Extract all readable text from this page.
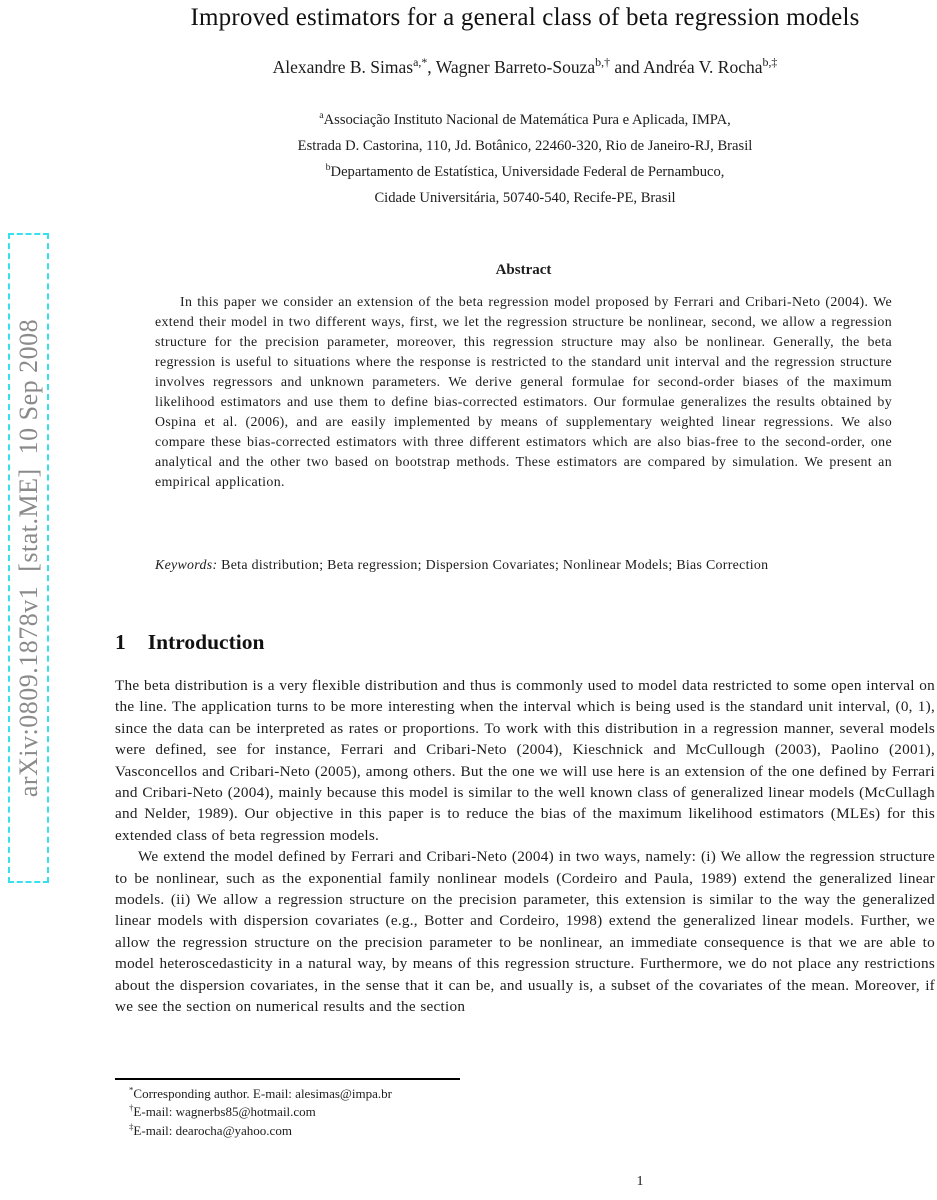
arXiv:0809.1878v1  [stat.ME]  10 Sep 2008
Improved estimators for a general class of beta regression models
Alexandre B. Simas$^{a,*}$, Wagner Barreto-Souza$^{b,\dagger}$ and Andréa V. Rocha$^{b,\ddagger}$
$^a$Associação Instituto Nacional de Matemática Pura e Aplicada, IMPA,
Estrada D. Castorina, 110, Jd. Botânico, 22460-320, Rio de Janeiro-RJ, Brasil
$^b$Departamento de Estatística, Universidade Federal de Pernambuco,
Cidade Universitária, 50740-540, Recife-PE, Brasil
Abstract

In this paper we consider an extension of the beta regression model proposed by Ferrari and Cribari-Neto (2004). We extend their model in two different ways, first, we let the regression structure be nonlinear, second, we allow a regression structure for the precision parameter, moreover, this regression structure may also be nonlinear. Generally, the beta regression is useful to situations where the response is restricted to the standard unit interval and the regression structure involves regressors and unknown parameters. We derive general formulae for second-order biases of the maximum likelihood estimators and use them to define bias-corrected estimators. Our formulae generalizes the results obtained by Ospina et al. (2006), and are easily implemented by means of supplementary weighted linear regressions. We also compare these bias-corrected estimators with three different estimators which are also bias-free to the second-order, one analytical and the other two based on bootstrap methods. These estimators are compared by simulation. We present an empirical application.

Keywords: Beta distribution; Beta regression; Dispersion Covariates; Nonlinear Models; Bias Correction
1 Introduction

The beta distribution is a very flexible distribution and thus is commonly used to model data restricted to some open interval on the line. The application turns to be more interesting when the interval which is being used is the standard unit interval, (0, 1), since the data can be interpreted as rates or proportions. To work with this distribution in a regression manner, several models were defined, see for instance, Ferrari and Cribari-Neto (2004), Kieschnick and McCullough (2003), Paolino (2001), Vasconcellos and Cribari-Neto (2005), among others. But the one we will use here is an extension of the one defined by Ferrari and Cribari-Neto (2004), mainly because this model is similar to the well known class of generalized linear models (McCullagh and Nelder, 1989). Our objective in this paper is to reduce the bias of the maximum likelihood estimators (MLEs) for this extended class of beta regression models.

We extend the model defined by Ferrari and Cribari-Neto (2004) in two ways, namely: (i) We allow the regression structure to be nonlinear, such as the exponential family nonlinear models (Cordeiro and Paula, 1989) extend the generalized linear models. (ii) We allow a regression structure on the precision parameter, this extension is similar to the way the generalized linear models with dispersion covariates (e.g., Botter and Cordeiro, 1998) extend the generalized linear models. Further, we allow the regression structure on the precision parameter to be nonlinear, an immediate consequence is that we are able to model heteroscedasticity in a natural way, by means of this regression structure. Furthermore, we do not place any restrictions about the dispersion covariates, in the sense that it can be, and usually is, a subset of the covariates of the mean. Moreover, if we see the section on numerical results and the section

*Corresponding author. E-mail: alesimas@impa.br
†E-mail: wagnerbs85@hotmail.com
‡E-mail: dearocha@yahoo.com
1
